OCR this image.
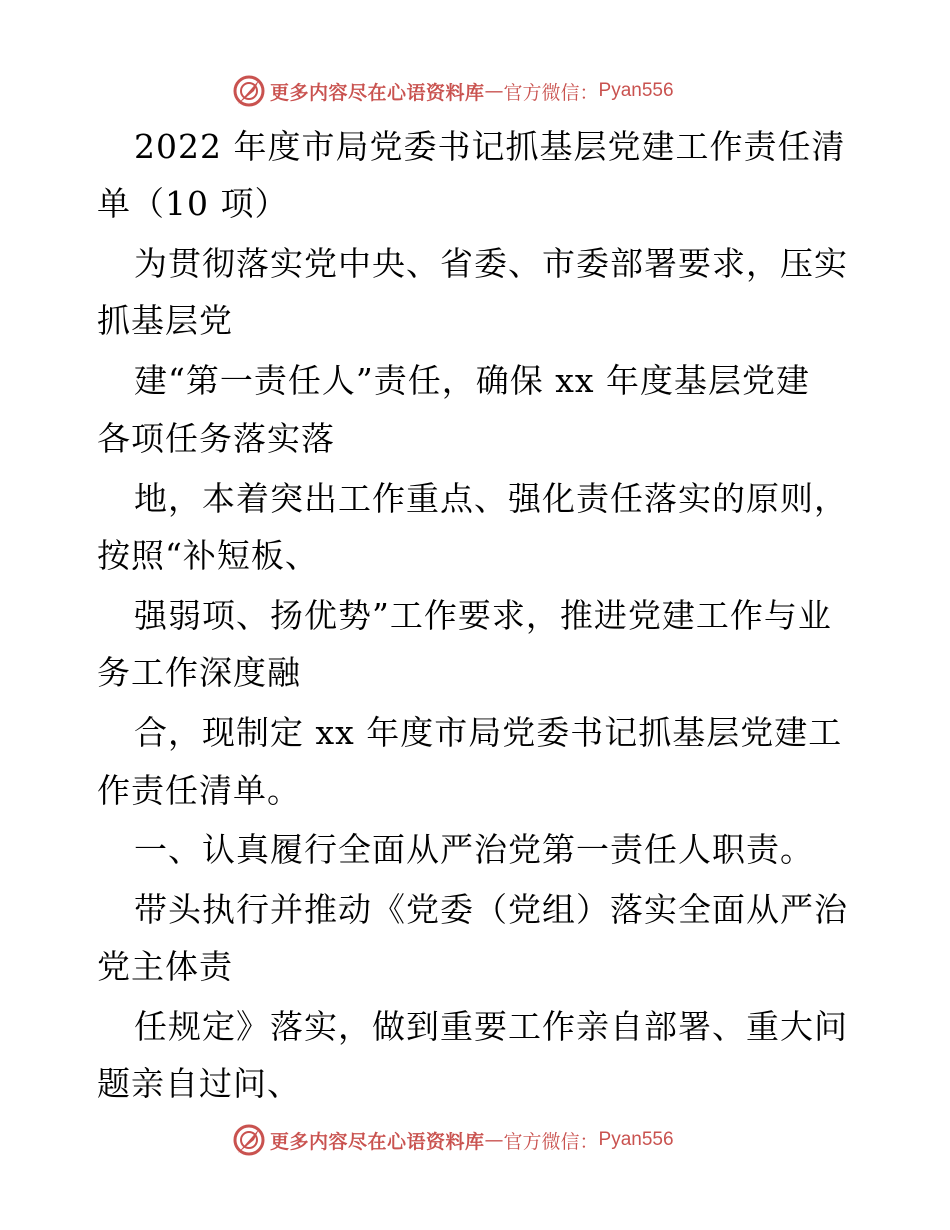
更多内容尽在心语资料库 — 官方微信： Pyan556
2022 年度市局党委书记抓基层党建工作责任清
单（10 项）
为贯彻落实党中央、省委、市委部署要求，压实
抓基层党
建“第一责任人”责任，确保 xx 年度基层党建
各项任务落实落
地，本着突出工作重点、强化责任落实的原则，
按照“补短板、
强弱项、扬优势”工作要求，推进党建工作与业
务工作深度融
合，现制定 xx 年度市局党委书记抓基层党建工
作责任清单。
一、认真履行全面从严治党第一责任人职责。
带头执行并推动《党委（党组）落实全面从严治
党主体责
任规定》落实，做到重要工作亲自部署、重大问
题亲自过问、
更多内容尽在心语资料库 — 官方微信： Pyan556
